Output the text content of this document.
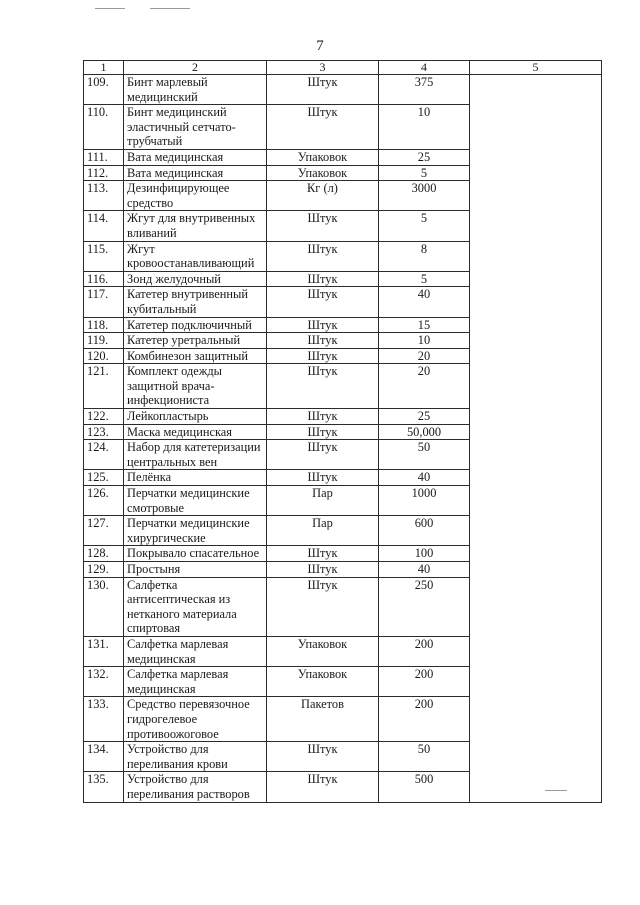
7
1	2	3	4	5
109.	Бинт марлевый медицинский	Штук	375	
110.	Бинт медицинский эластичный сетчато-трубчатый	Штук	10	
111.	Вата медицинская	Упаковок	25	
112.	Вата медицинская	Упаковок	5	
113.	Дезинфицирующее средство	Кг (л)	3000	
114.	Жгут для внутривенных вливаний	Штук	5	
115.	Жгут кровоостанавливающий	Штук	8	
116.	Зонд желудочный	Штук	5	
117.	Катетер внутривенный кубитальный	Штук	40	
118.	Катетер подключичный	Штук	15	
119.	Катетер уретральный	Штук	10	
120.	Комбинезон защитный	Штук	20	
121.	Комплект одежды защитной врача-инфекциониста	Штук	20	
122.	Лейкопластырь	Штук	25	
123.	Маска медицинская	Штук	50,000	
124.	Набор для катетеризации центральных вен	Штук	50	
125.	Пелёнка	Штук	40	
126.	Перчатки медицинские смотровые	Пар	1000	
127.	Перчатки медицинские хирургические	Пар	600	
128.	Покрывало спасательное	Штук	100	
129.	Простыня	Штук	40	
130.	Салфетка антисептическая из нетканого материала спиртовая	Штук	250	
131.	Салфетка марлевая медицинская	Упаковок	200	
132.	Салфетка марлевая медицинская	Упаковок	200	
133.	Средство перевязочное гидрогелевое противоожоговое	Пакетов	200	
134.	Устройство для переливания крови	Штук	50	
135.	Устройство для переливания растворов	Штук	500	
